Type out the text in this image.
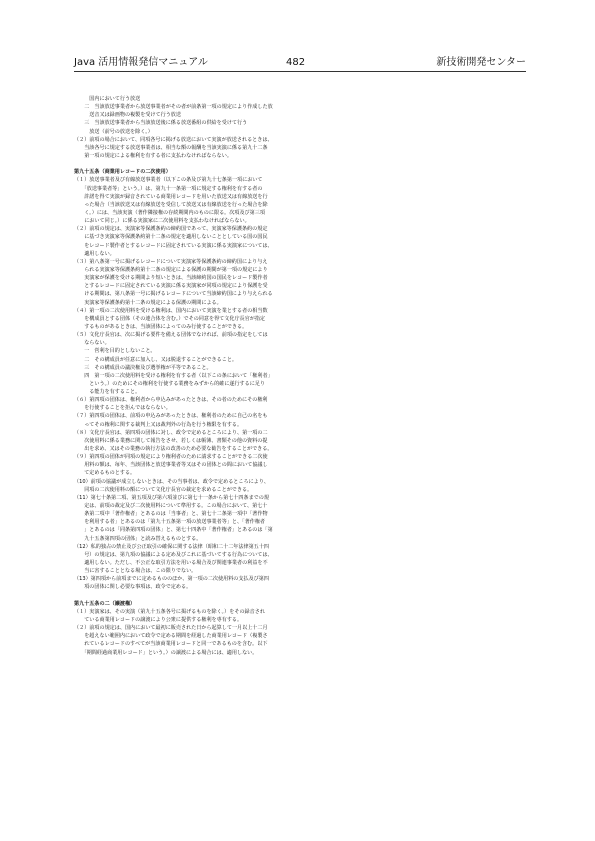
Java 活用情報発信マニュアル	482	新技術開発センター
　　　国内において行う放送
　　二　当該放送事業者から放送事業者がその者が前条第一項の規定により作成した放
　　　送音又は録画物の複製を受けて行う放送
　　三　当該放送事業者から当該放送後に係る放送番組の供給を受けて行う
　　　放送（前号の放送を除く。）
（２）前項の場合において、同項各号に掲げる放送において実演が放送されるときは、
　　当該各号に規定する放送事業者は、相当な額の報酬を当該実演に係る第九十二条
　　第一項の規定による権利を有する者に支払わなければならない。
第九十五条（商業用レコードの二次使用）
（１）放送事業者及び有線放送事業者（以下この条及び第九十七条第一項において
　　「放送事業者等」という。）は、第九十一条第一項に規定する権利を有する者の
　　許諾を得て実演が録音されている商業用レコードを用いた放送又は有線放送を行
　　った場合（当該放送又は有線放送を受信して放送又は有線放送を行った場合を除
　　く。）には、当該実演（著作隣接権の存続期間内のものに限る。次項及び第三項
　　において同じ。）に係る実演家に二次使用料を支払わなければならない。
（２）前項の規定は、実演家等保護条約の締約国であって、実演家等保護条約の規定
　　に基づき実演家等保護条約第十二条の規定を適用しないこととしている国の国民
　　をレコード製作者とするレコードに固定されている実演に係る実演家については、
　　適用しない。
（３）第八条第一号に掲げるレコードについて実演家等保護条約の締約国により与え
　　られる実演家等保護条約第十二条の規定による保護の期間が第一項の規定により
　　実演家が保護を受ける期間より短いときは、当該締約国の国民をレコード製作者
　　とするレコードに固定されている実演に係る実演家が同項の規定により保護を受
　　ける期間は、第八条第一号に掲げるレコードについて当該締約国により与えられる
　　実演家等保護条約第十二条の規定による保護の期間による。
（４）第一項の二次使用料を受ける権利は、国内において実演を業とする者の相当数
　　を構成員とする団体（その連合体を含む。）でその同意を得て文化庁長官が指定
　　するものがあるときは、当該団体によってのみ行使することができる。
（５）文化庁長官は、次に掲げる要件を備える団体でなければ、前項の指定をしては
　　ならない。
　　一　営利を目的としないこと。
　　二　その構成員が任意に加入し、又は脱退することができること。
　　三　その構成員の議決権及び選挙権が平等であること。
　　四　第一項の二次使用料を受ける権利を有する者（以下この条において「権利者」
　　　という。）のためにその権利を行使する業務をみずから的確に遂行するに足り
　　　る能力を有すること。
（６）第四項の団体は、権利者から申込みがあったときは、その者のためにその権利
　　を行使することを拒んではならない。
（７）第四項の団体は、前項の申込みがあったときは、権利者のために自己の名をも
　　ってその権利に関する裁判上又は裁判外の行為を行う権限を有する。
（８）文化庁長官は、第四項の団体に対し、政令で定めるところにより、第一項の二
　　次使用料に係る業務に関して報告をさせ、若しくは帳簿、書類その他の資料の提
　　出を求め、又はその業務の執行方法の改善のため必要な勧告をすることができる。
（９）第四項の団体が同項の規定により権利者のために請求することができる二次使
　　用料の額は、毎年、当該団体と放送事業者等又はその団体との間において協議し
　　て定めるものとする。
（10）前項の協議が成立しないときは、その当事者は、政令で定めるところにより、
　　同項の二次使用料の額について文化庁長官の裁定を求めることができる。
（11）第七十条第二項、第五項及び第六項並びに第七十一条から第七十四条までの規
　　定は、前項の裁定及び二次使用料について準用する。この場合において、第七十
　　条第二項中「著作権者」とあるのは「当事者」と、第七十二条第一項中「著作物
　　を利用する者」とあるのは「第九十五条第一項の放送事業者等」と、「著作権者
　　」とあるのは「同条第四項の団体」と、第七十四条中「著作権者」とあるのは「第
　　九十五条第四項の団体」と読み替えるものとする。
（12）私的独占の禁止及び公正取引の確保に関する法律（昭和二十二年法律第五十四
　　号）の規定は、第九項の協議による定め及びこれに基づいてする行為については、
　　適用しない。ただし、不公正な取引方法を用いる場合及び関連事業者の利益を不
　　当に害することとなる場合は、この限りでない。
（13）第四項から前項までに定めるもののほか、第一項の二次使用料の支払及び第四
　　項の団体に関し必要な事項は、政令で定める。
第九十五条の二（譲渡権）
（１）実演家は、その実演（第九十五条各号に掲げるものを除く。）をその録音され
　　ている商業用レコードの譲渡により公衆に提供する権利を専有する。
（２）前項の規定は、国内において最初に販売された日から起算して一月以上十二月
　　を超えない範囲内において政令で定める期間を経過した商業用レコード（複製さ
　　れているレコードのすべてが当該商業用レコードと同一であるものを含む。以下
　　「期間経過商業用レコード」という。）の譲渡による場合には、適用しない。
